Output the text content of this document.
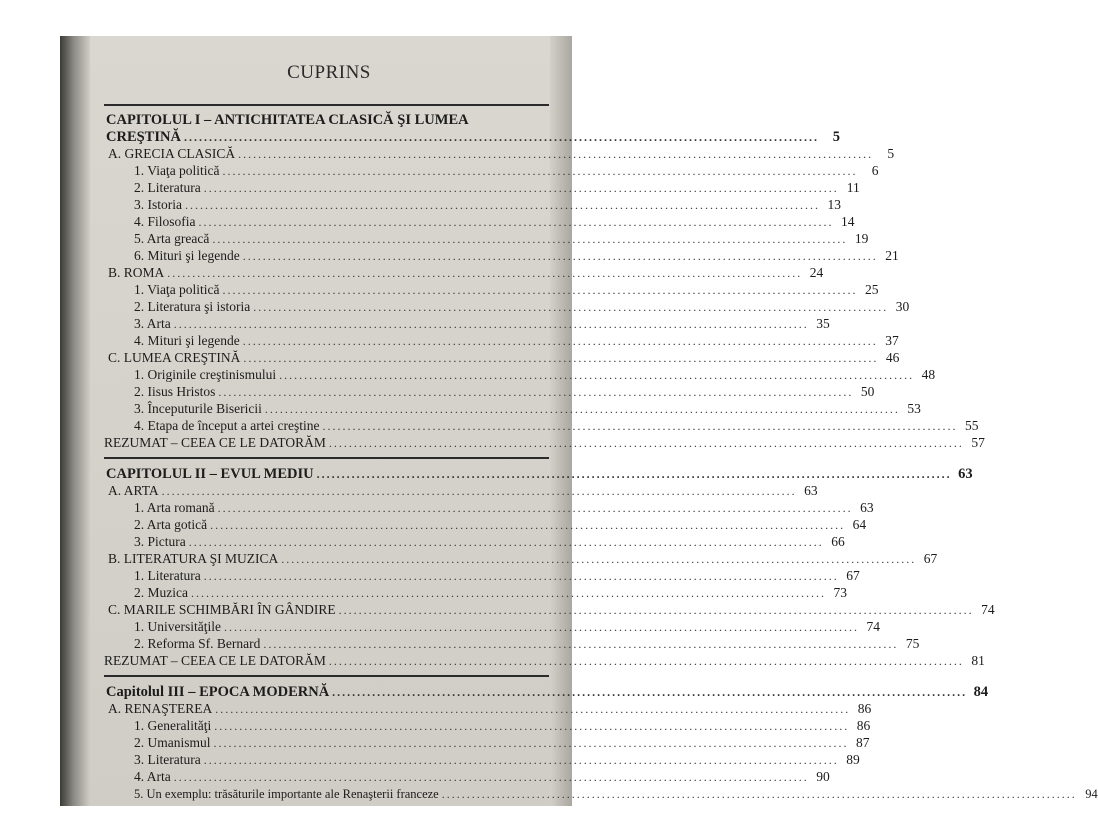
CUPRINS
CAPITOLUL I – ANTICHITATEA CLASICĂ ŞI LUMEA
CREŞTINĂ ............................................................................................................................... 5
A. GRECIA CLASICĂ ...............................................................................................................................	5
1. Viaţa politică ...............................................................................................................................	6
2. Literatura ............................................................................................................................... 11
3. Istoria ............................................................................................................................... 13
4. Filosofia ............................................................................................................................... 14
5. Arta greacă ............................................................................................................................... 19
6. Mituri şi legende ............................................................................................................................... 21
B. ROMA ............................................................................................................................... 24
1. Viaţa politică ............................................................................................................................... 25
2. Literatura şi istoria ............................................................................................................................... 30
3. Arta ............................................................................................................................... 35
4. Mituri şi legende ............................................................................................................................... 37
C. LUMEA CREŞTINĂ ............................................................................................................................... 46
1. Originile creştinismului ............................................................................................................................... 48
2. Iisus Hristos ............................................................................................................................... 50
3. Începuturile Bisericii ............................................................................................................................... 53
4. Etapa de început a artei creştine ............................................................................................................................... 55
REZUMAT – CEEA CE LE DATORĂM ............................................................................................................................... 57
CAPITOLUL II – EVUL MEDIU ............................................................................................................................... 63
A. ARTA ............................................................................................................................... 63
1. Arta romană ............................................................................................................................... 63
2. Arta gotică ............................................................................................................................... 64
3. Pictura ............................................................................................................................... 66
B. LITERATURA ŞI MUZICA ............................................................................................................................... 67
1. Literatura ............................................................................................................................... 67
2. Muzica ............................................................................................................................... 73
C. MARILE SCHIMBĂRI ÎN GÂNDIRE ............................................................................................................................... 74
1. Universităţile ............................................................................................................................... 74
2. Reforma Sf. Bernard ............................................................................................................................... 75
REZUMAT – CEEA CE LE DATORĂM ............................................................................................................................... 81
Capitolul III – EPOCA MODERNĂ ............................................................................................................................... 84
A. RENAŞTEREA ............................................................................................................................... 86
1. Generalităţi ............................................................................................................................... 86
2. Umanismul ............................................................................................................................... 87
3. Literatura ............................................................................................................................... 89
4. Arta ............................................................................................................................... 90
5. Un exemplu: trăsăturile importante ale Renaşterii franceze ............................................................................................................................... 94
